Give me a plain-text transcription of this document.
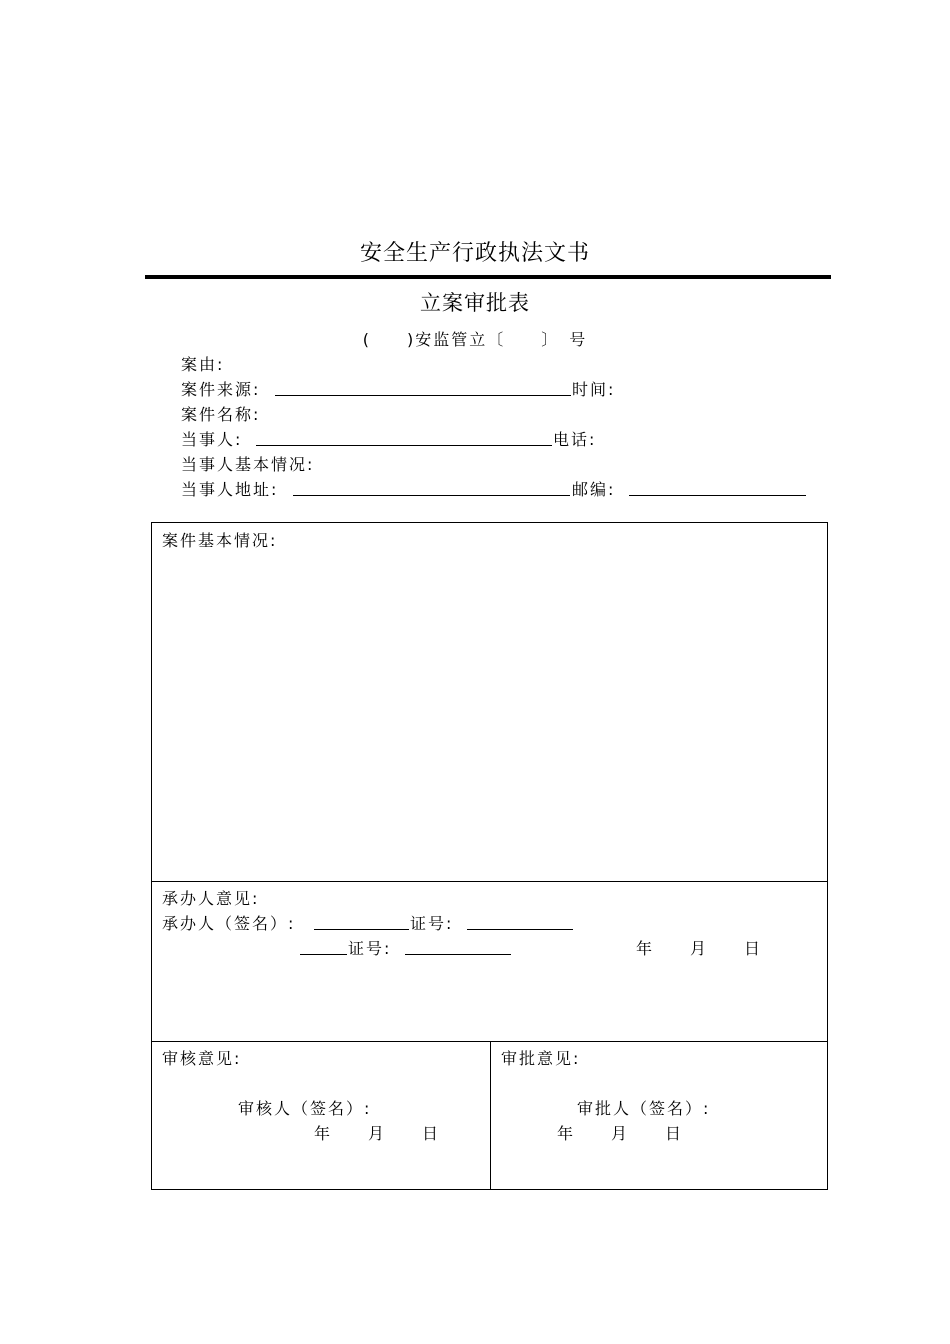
安全生产行政执法文书
立案审批表
(　　)安监管立〔　　〕　号
案由:
案件来源:	时间:
案件名称:
当事人:	电话:
当事人基本情况:
当事人地址:	邮编:
案件基本情况:
承办人意见:
承办人（签名）:	证号:
证号:	年　　月　　日
审核意见:
审核人（签名）:
年　　月　　日
审批意见:
审批人（签名）:
年　　月　　日
